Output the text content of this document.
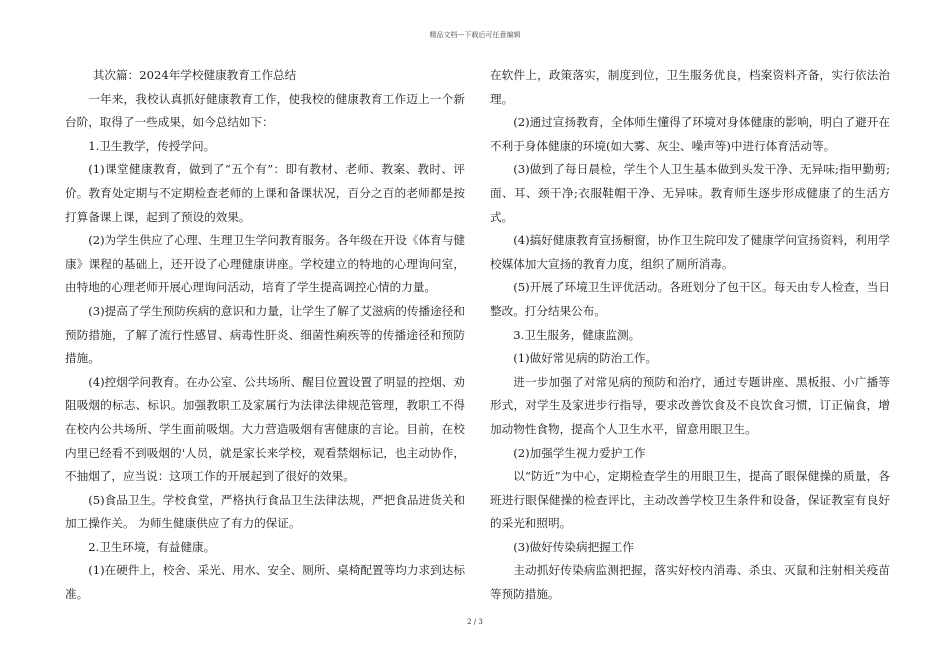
精品文档---下载后可任意编辑

其次篇：2024年学校健康教育工作总结

一年来，我校认真抓好健康教育工作，使我校的健康教育工作迈上一个新台阶，取得了一些成果，如今总结如下：

1.卫生教学，传授学问。

(1)课堂健康教育，做到了“五个有”：即有教材、老师、教案、教时、评价。教育处定期与不定期检查老师的上课和备课状况，百分之百的老师都是按打算备课上课，起到了预设的效果。

(2)为学生供应了心理、生理卫生学问教育服务。各年级在开设《体育与健康》课程的基础上，还开设了心理健康讲座。学校建立的特地的心理询问室，由特地的心理老师开展心理询问活动，培育了学生提高调控心情的力量。

(3)提高了学生预防疾病的意识和力量，让学生了解了艾滋病的传播途径和预防措施，了解了流行性感冒、病毒性肝炎、细菌性痢疾等的传播途径和预防措施。

(4)控烟学问教育。在办公室、公共场所、醒目位置设置了明显的控烟、劝阻吸烟的标志、标识。加强教职工及家属行为法律法律规范管理，教职工不得在校内公共场所、学生面前吸烟。大力营造吸烟有害健康的言论。目前，在校内里已经看不到吸烟的'人员，就是家长来学校，观看禁烟标记，也主动协作，不抽烟了，应当说：这项工作的开展起到了很好的效果。

(5)食品卫生。学校食堂，严格执行食品卫生法律法规，严把食品进货关和加工操作关。 为师生健康供应了有力的保证。

2.卫生环境，有益健康。

(1)在硬件上，校舍、采光、用水、安全、厕所、桌椅配置等均力求到达标准。

在软件上，政策落实，制度到位，卫生服务优良，档案资料齐备，实行依法治理。

(2)通过宣扬教育，全体师生懂得了环境对身体健康的影响，明白了避开在不利于身体健康的环境(如大雾、灰尘、噪声等)中进行体育活动等。

(3)做到了每日晨检，学生个人卫生基本做到头发干净、无异味;指甲勤剪;面、耳、颈干净;衣服鞋帽干净、无异味。教育师生逐步形成健康了的生活方式。

(4)搞好健康教育宣扬橱窗，协作卫生院印发了健康学问宣扬资料，利用学校媒体加大宣扬的教育力度，组织了厕所消毒。

(5)开展了环境卫生评优活动。各班划分了包干区。每天由专人检查，当日整改。打分结果公布。

3.卫生服务，健康监测。

(1)做好常见病的防治工作。

进一步加强了对常见病的预防和治疗，通过专题讲座、黑板报、小广播等形式，对学生及家进步行指导，要求改善饮食及不良饮食习惯，订正偏食，增加动物性食物，提高个人卫生水平，留意用眼卫生。

(2)加强学生视力爱护工作

以“防近”为中心，定期检查学生的用眼卫生，提高了眼保健操的质量，各班进行眼保健操的检查评比，主动改善学校卫生条件和设备，保证教室有良好的采光和照明。

(3)做好传染病把握工作

主动抓好传染病监测把握，落实好校内消毒、杀虫、灭鼠和注射相关疫苗等预防措施。

2 / 3
